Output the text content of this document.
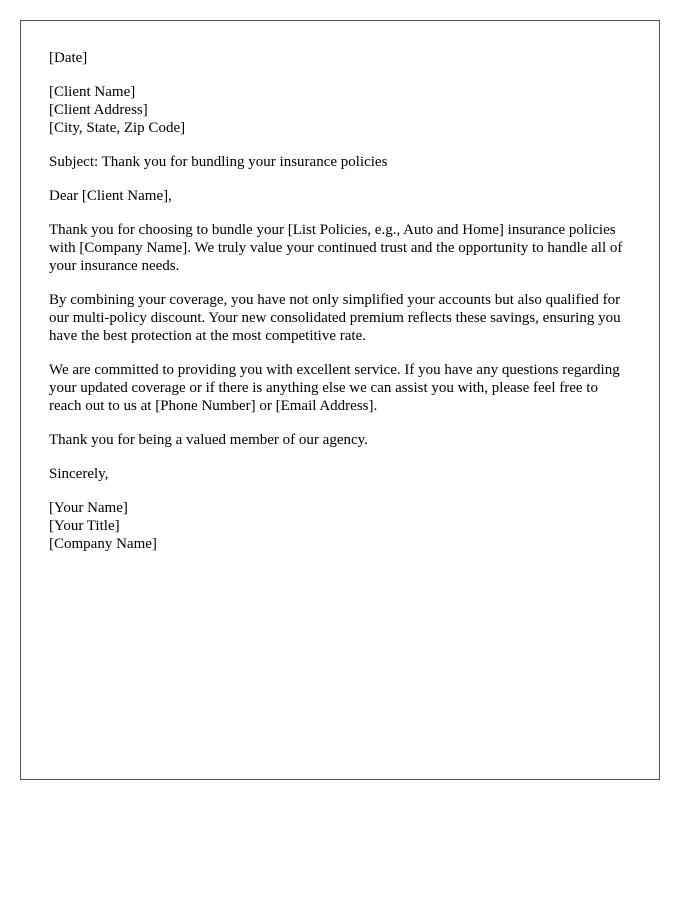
[Date]
[Client Name]
[Client Address]
[City, State, Zip Code]
Subject: Thank you for bundling your insurance policies
Dear [Client Name],

Thank you for choosing to bundle your [List Policies, e.g., Auto and Home] insurance policies with [Company Name]. We truly value your continued trust and the opportunity to handle all of your insurance needs.

By combining your coverage, you have not only simplified your accounts but also qualified for our multi-policy discount. Your new consolidated premium reflects these savings, ensuring you have the best protection at the most competitive rate.

We are committed to providing you with excellent service. If you have any questions regarding your updated coverage or if there is anything else we can assist you with, please feel free to reach out to us at [Phone Number] or [Email Address].

Thank you for being a valued member of our agency.

Sincerely,
[Your Name]
[Your Title]
[Company Name]
